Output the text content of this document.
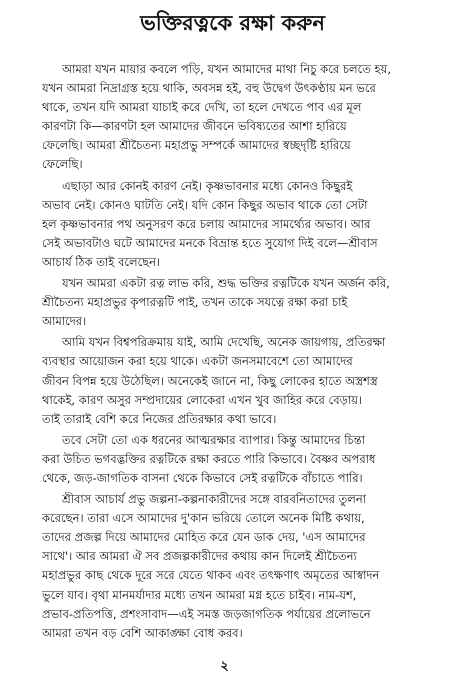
ভক্তিরত্নকে রক্ষা করুন
আমরা যখন মায়ার কবলে পড়ি, যখন আমাদের মাথা নিচু করে চলতে হয়,
যখন আমরা নিদ্রাগ্রস্ত হয়ে থাকি, অবসন্ন হই, বহু উদ্বেগ উৎকণ্ঠায় মন ভরে
থাকে, তখন যদি আমরা যাচাই করে দেখি, তা হলে দেখতে পাব এর মূল
কারণটা কি—কারণটা হল আমাদের জীবনে ভবিষ্যতের আশা হারিয়ে
ফেলেছি। আমরা শ্রীচৈতন্য মহাপ্রভু সম্পর্কে আমাদের স্বচ্ছদৃষ্টি হারিয়ে
ফেলেছি।
এছাড়া আর কোনই কারণ নেই। কৃষ্ণভাবনার মধ্যে কোনও কিছুরই
অভাব নেই। কোনও ঘাটতি নেই। যদি কোন কিছুর অভাব থাকে তো সেটা
হল কৃষ্ণভাবনার পথ অনুসরণ করে চলায় আমাদের সামর্থ্যের অভাব। আর
সেই অভাবটাও ঘটে আমাদের মনকে বিভ্রান্ত হতে সুযোগ দিই বলে—শ্রীবাস
আচার্য ঠিক তাই বলেছেন।
যখন আমরা একটা রত্ন লাভ করি, শুদ্ধ ভক্তির রত্নটিকে যখন অর্জন করি,
শ্রীচৈতন্য মহাপ্রভুর কৃপারত্নটি পাই, তখন তাকে সযত্নে রক্ষা করা চাই
আমাদের।
আমি যখন বিশ্বপরিক্রমায় যাই, আমি দেখেছি, অনেক জায়গায়, প্রতিরক্ষা
ব্যবস্থার আয়োজন করা হয়ে থাকে। একটা জনসমাবেশে তো আমাদের
জীবন বিপন্ন হয়ে উঠেছিল। অনেকেই জানে না, কিছু লোকের হাতে অস্ত্রশস্ত্র
থাকেই, কারণ অসুর সম্প্রদায়ের লোকেরা এখন খুব জাহির করে বেড়ায়।
তাই তারাই বেশি করে নিজের প্রতিরক্ষার কথা ভাবে।
তবে সেটা তো এক ধরনের আত্মরক্ষার ব্যাপার। কিন্তু আমাদের চিন্তা
করা উচিত ভগবদ্ভক্তির রত্নটিকে রক্ষা করতে পারি কিভাবে। বৈষ্ণব অপরাধ
থেকে, জড়-জাগতিক বাসনা থেকে কিভাবে সেই রত্নটিকে বাঁচাতে পারি।
শ্রীবাস আচার্য প্রভু জল্পনা-কল্পনাকারীদের সঙ্গে বারবনিতাদের তুলনা
করেছেন। তারা এসে আমাদের দু'কান ভরিয়ে তোলে অনেক মিষ্টি কথায়,
তাদের প্রজল্প দিয়ে আমাদের মোহিত করে যেন ডাক দেয়, 'এস আমাদের
সাথে'। আর আমরা ঐ সব প্রজল্পকারীদের কথায় কান দিলেই শ্রীচৈতন্য
মহাপ্রভুর কাছ থেকে দূরে সরে যেতে থাকব এবং তৎক্ষণাৎ অমৃতের আস্বাদন
ভুলে যাব। বৃথা মানমর্যাদার মধ্যে তখন আমরা মগ্ন হতে চাইব। নাম-যশ,
প্রভাব-প্রতিপত্তি, প্রশংসাবাদ—এই সমস্ত জড়জাগতিক পর্যায়ের প্রলোভনে
আমরা তখন বড় বেশি আকাঙ্ক্ষা বোধ করব।
২
